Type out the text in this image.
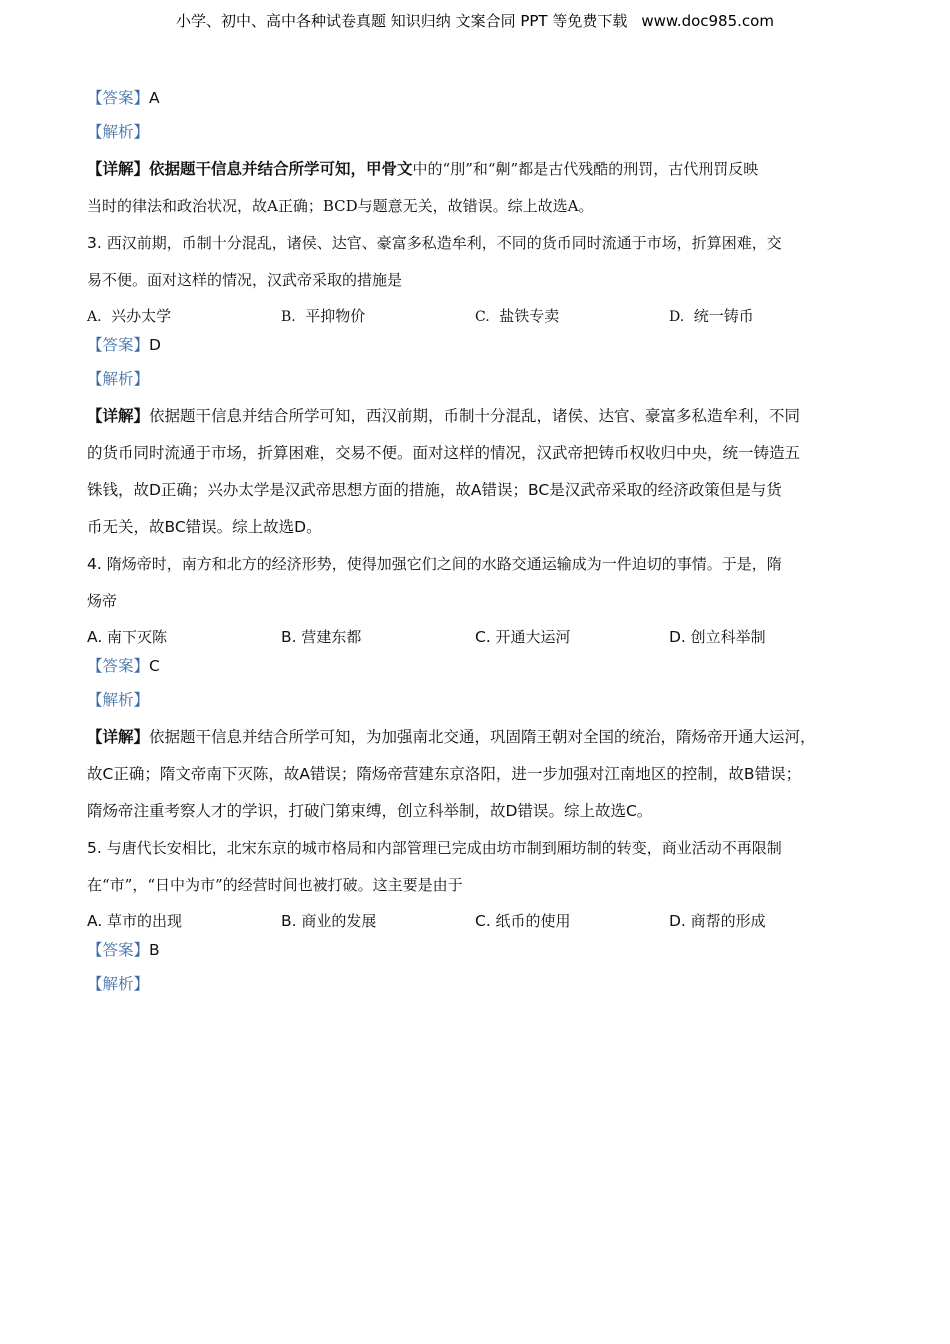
小学、初中、高中各种试卷真题 知识归纳 文案合同 PPT 等免费下载 www.doc985.com
【答案】A
【解析】

【详解】依据题干信息并结合所学可知，甲骨文中的“刖”和“劓”都是古代残酷的刑罚，古代刑罚反映

当时的律法和政治状况，故A正确；BCD与题意无关，故错误。综上故选A。

3. 西汉前期，币制十分混乱，诸侯、达官、豪富多私造牟利，不同的货币同时流通于市场，折算困难，交

易不便。面对这样的情况，汉武帝采取的措施是

A. 兴办太学	B. 平抑物价	C. 盐铁专卖	D. 统一铸币
【答案】D
【解析】

【详解】依据题干信息并结合所学可知，西汉前期，币制十分混乱，诸侯、达官、豪富多私造牟利，不同

的货币同时流通于市场，折算困难，交易不便。面对这样的情况，汉武帝把铸币权收归中央，统一铸造五

铢钱，故D正确；兴办太学是汉武帝思想方面的措施，故A错误；BC是汉武帝采取的经济政策但是与货

币无关，故BC错误。综上故选D。

4. 隋炀帝时，南方和北方的经济形势，使得加强它们之间的水路交通运输成为一件迫切的事情。于是，隋

炀帝

A. 南下灭陈	B. 营建东都	C. 开通大运河	D. 创立科举制
【答案】C
【解析】

【详解】依据题干信息并结合所学可知，为加强南北交通，巩固隋王朝对全国的统治，隋炀帝开通大运河，

故C正确；隋文帝南下灭陈，故A错误；隋炀帝营建东京洛阳，进一步加强对江南地区的控制，故B错误；

隋炀帝注重考察人才的学识，打破门第束缚，创立科举制，故D错误。综上故选C。

5. 与唐代长安相比，北宋东京的城市格局和内部管理已完成由坊市制到厢坊制的转变，商业活动不再限制

在“市”，“日中为市”的经营时间也被打破。这主要是由于

A. 草市的出现	B. 商业的发展	C. 纸币的使用	D. 商帮的形成
【答案】B
【解析】
